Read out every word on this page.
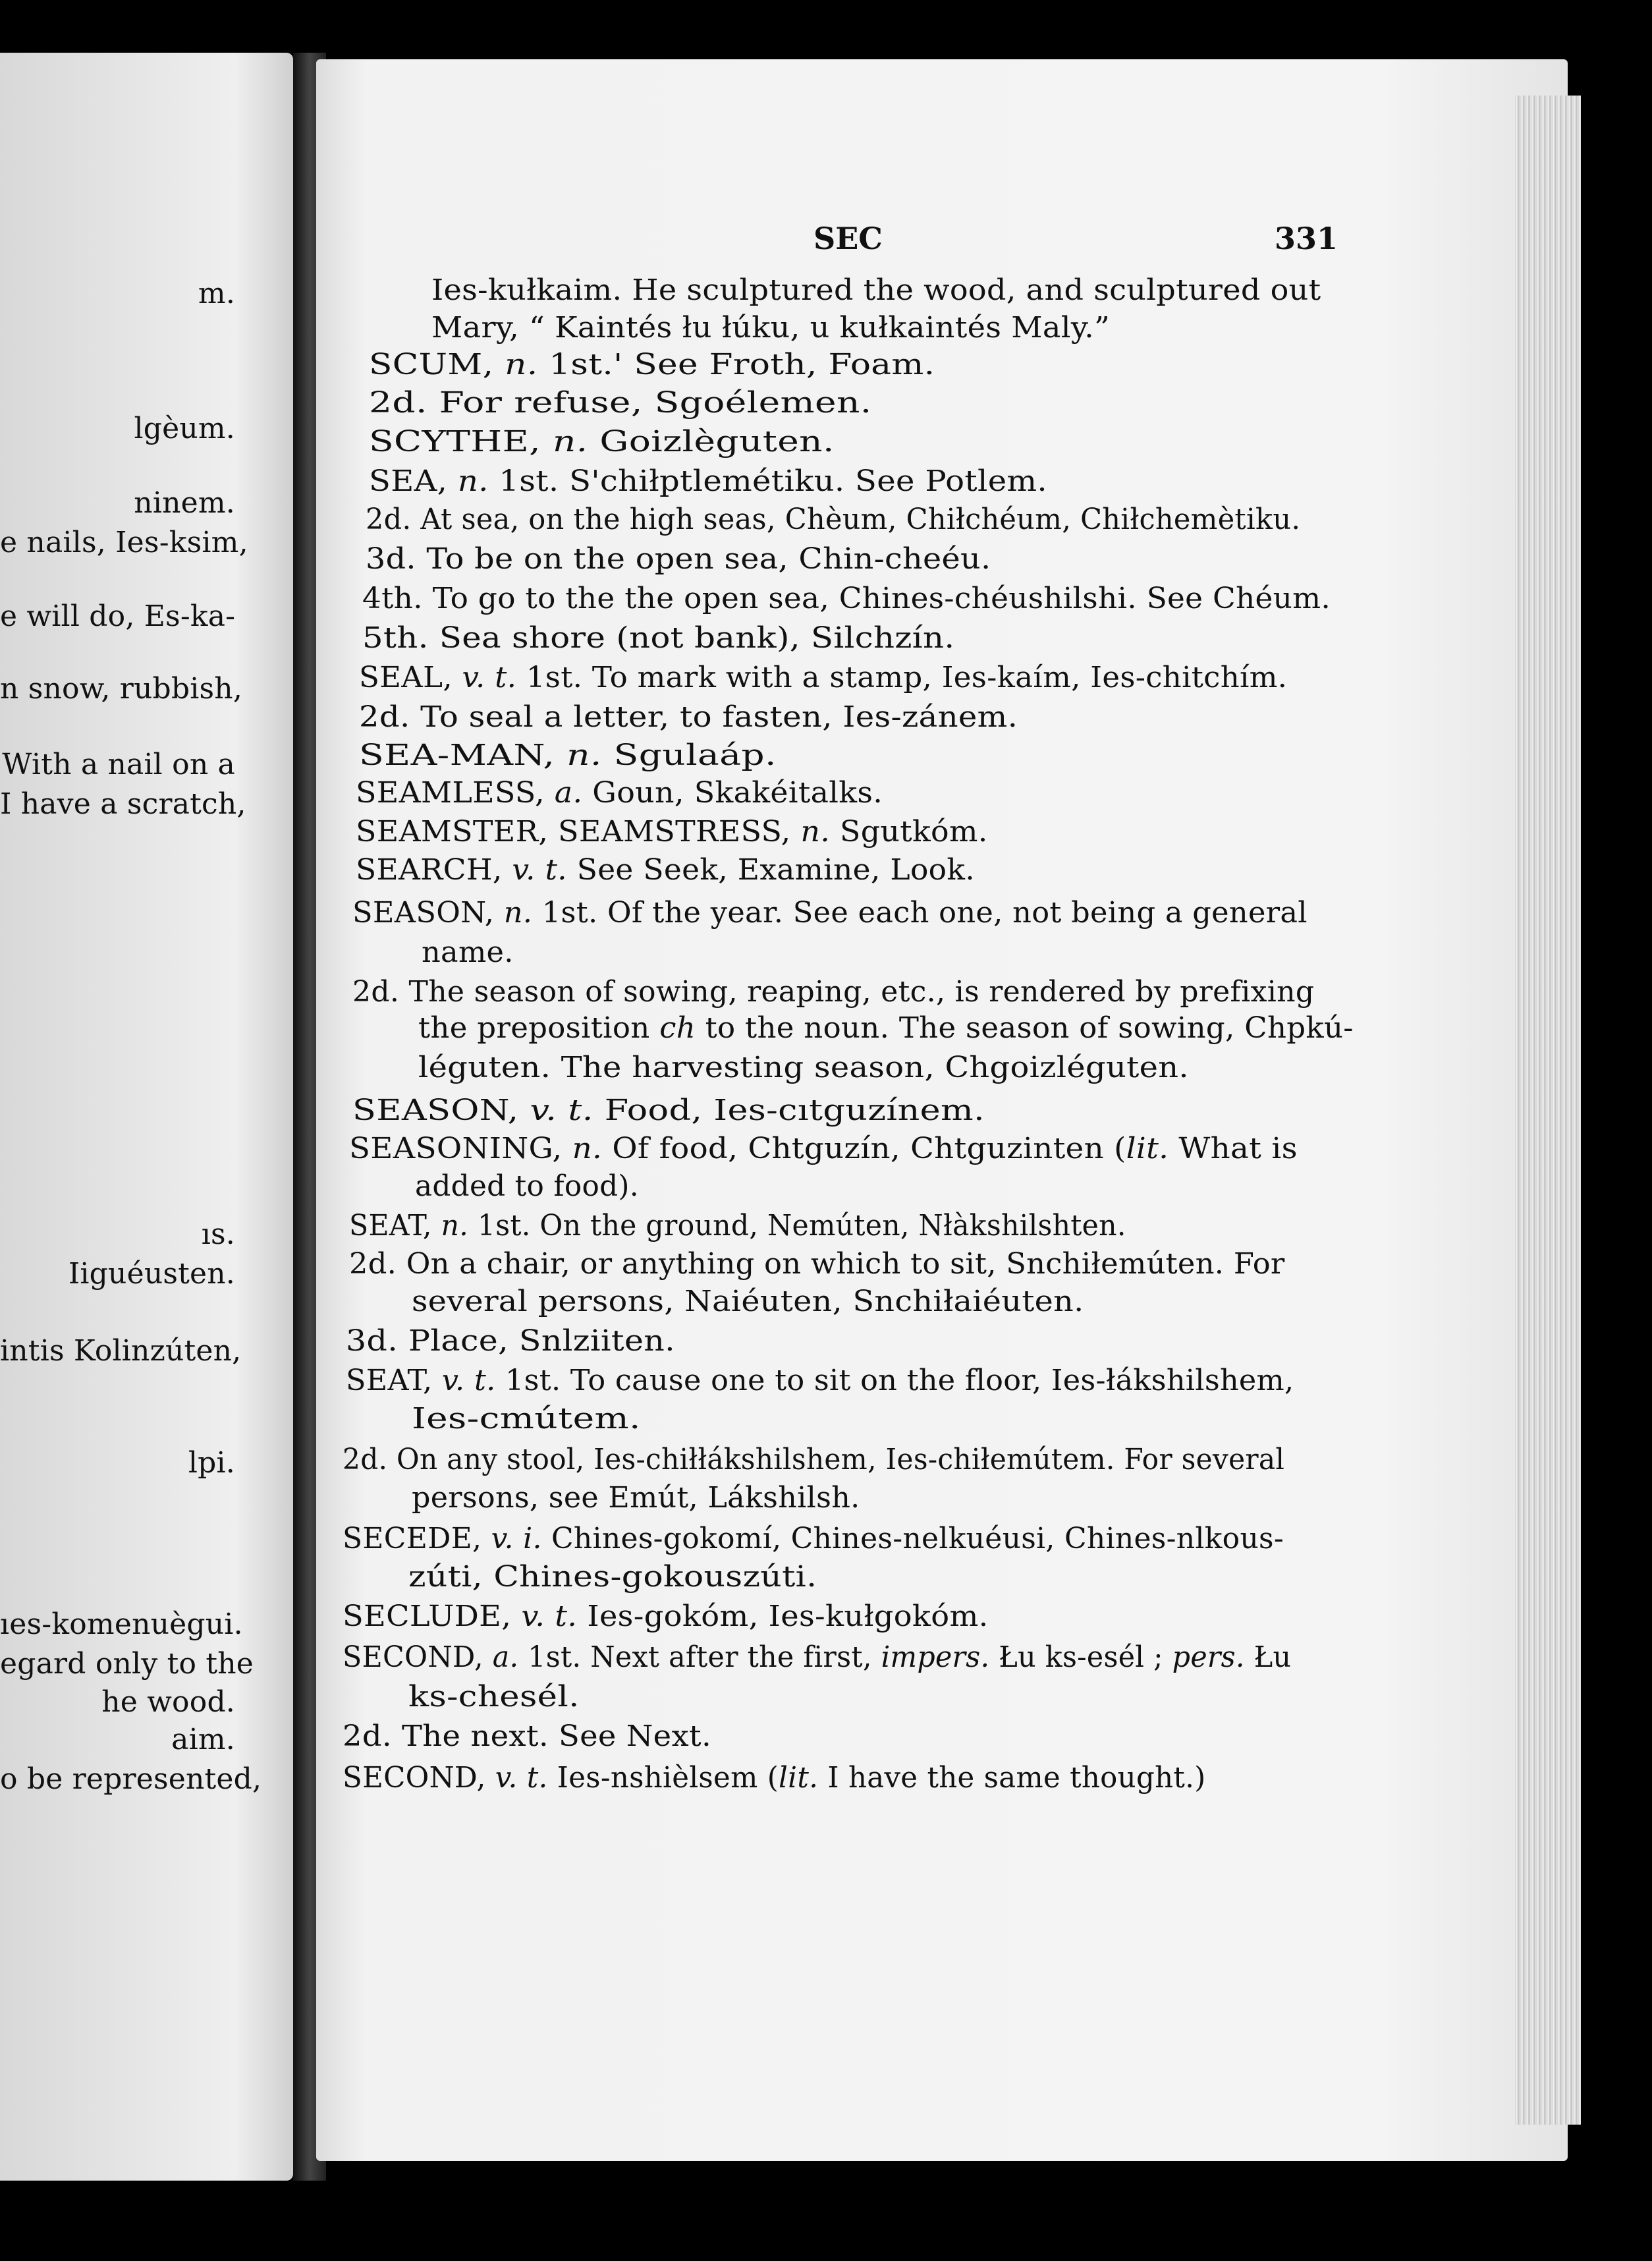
m.
lgèum.
ninem.
e nails, Ies-ksim,
e will do, Es-ka-
n snow, rubbish,
With a nail on a
I have a scratch,
ıs.
Iiguéusten.
intis Kolinzúten,
lpi.
ıes-komenuègui.
egard only to the
he wood.
aim.
o be represented,
SEC	331
Ies-kułkaim. He sculptured the wood, and sculptured out
Mary, “ Kaintés łu łúku, u kułkaintés Maly.”
SCUM, n. 1st.' See Froth, Foam.
2d. For refuse, Sgoélemen.
SCYTHE, n. Goizlèguten.
SEA, n. 1st. S'chiłptlemétiku. See Potlem.
2d. At sea, on the high seas, Chèum, Chiłchéum, Chiłchemètiku.
3d. To be on the open sea, Chin-cheéu.
4th. To go to the the open sea, Chines-chéushilshi. See Chéum.
5th. Sea shore (not bank), Silchzín.
SEAL, v. t. 1st. To mark with a stamp, Ies-kaím, Ies-chitchím.
2d. To seal a letter, to fasten, Ies-zánem.
SEA-MAN, n. Sgulaáp.
SEAMLESS, a. Goun, Skakéitalks.
SEAMSTER, SEAMSTRESS, n. Sgutkóm.
SEARCH, v. t. See Seek, Examine, Look.
SEASON, n. 1st. Of the year. See each one, not being a general
name.
2d. The season of sowing, reaping, etc., is rendered by prefixing
the preposition ch to the noun. The season of sowing, Chpkú-
léguten. The harvesting season, Chgoizléguten.
SEASON, v. t. Food, Ies-cıtguzínem.
SEASONING, n. Of food, Chtguzín, Chtguzinten (lit. What is
added to food).
SEAT, n. 1st. On the ground, Nemúten, Nłàkshilshten.
2d. On a chair, or anything on which to sit, Snchiłemúten. For
several persons, Naiéuten, Snchiłaiéuten.
3d. Place, Snlziiten.
SEAT, v. t. 1st. To cause one to sit on the floor, Ies-łákshilshem,
Ies-cmútem.
2d. On any stool, Ies-chiłłákshilshem, Ies-chiłemútem. For several
persons, see Emút, Lákshilsh.
SECEDE, v. i. Chines-gokomí, Chines-nelkuéusi, Chines-nlkous-
zúti, Chines-gokouszúti.
SECLUDE, v. t. Ies-gokóm, Ies-kułgokóm.
SECOND, a. 1st. Next after the first, impers. Łu ks-esél ; pers. Łu
ks-chesél.
2d. The next. See Next.
SECOND, v. t. Ies-nshièlsem (lit. I have the same thought.)
